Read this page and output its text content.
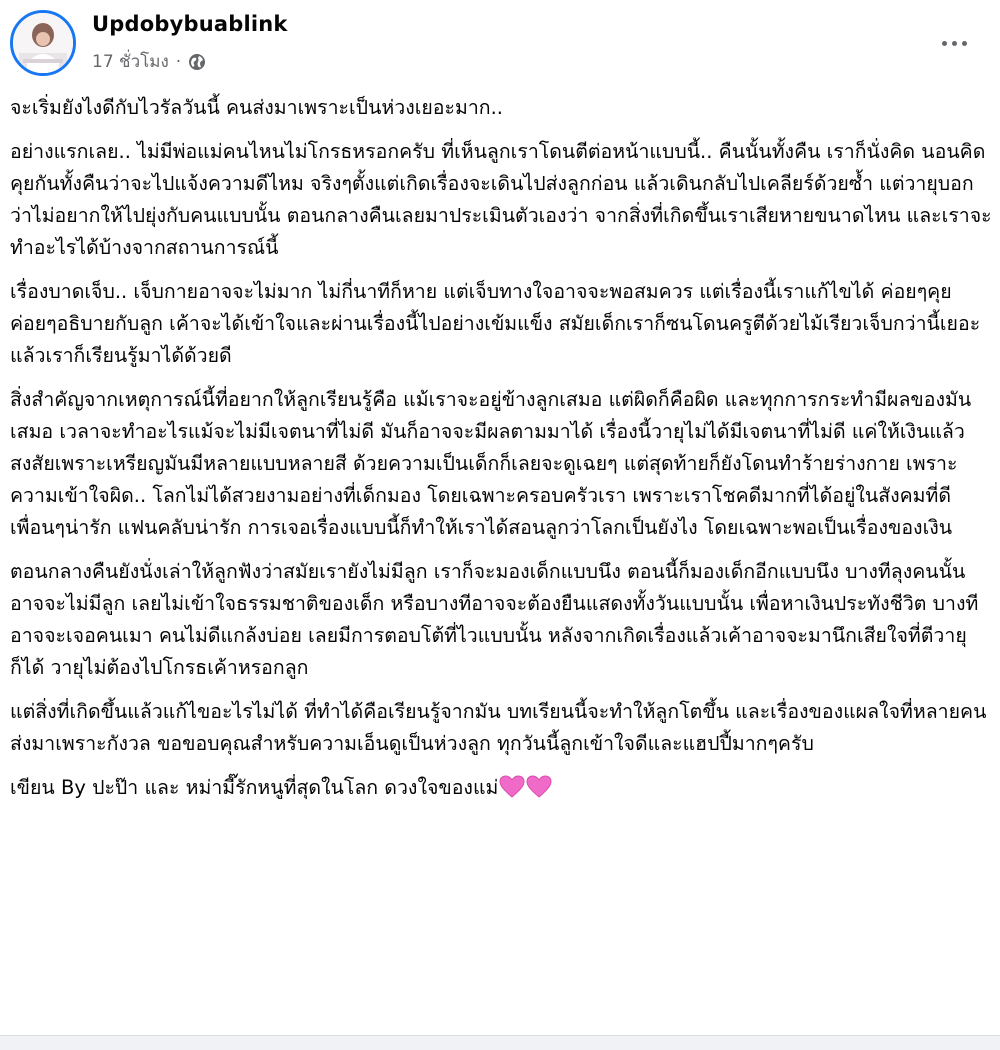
Updobybuablink
17 ชั่วโมง ·

จะเริ่มยังไงดีกับไวรัลวันนี้ คนส่งมาเพราะเป็นห่วงเยอะมาก..

อย่างแรกเลย.. ไม่มีพ่อแม่คนไหนไม่โกรธหรอกครับ ที่เห็นลูกเราโดนตีต่อหน้าแบบนี้.. คืนนั้นทั้งคืน เราก็นั่งคิด นอนคิด คุยกันทั้งคืนว่าจะไปแจ้งความดีไหม จริงๆตั้งแต่เกิดเรื่องจะเดินไปส่งลูกก่อน แล้วเดินกลับไปเคลียร์ด้วยซ้ำ แต่วายุบอกว่าไม่อยากให้ไปยุ่งกับคนแบบนั้น ตอนกลางคืนเลยมาประเมินตัวเองว่า จากสิ่งที่เกิดขึ้นเราเสียหายขนาดไหน และเราจะทำอะไรได้บ้างจากสถานการณ์นี้

เรื่องบาดเจ็บ.. เจ็บกายอาจจะไม่มาก ไม่กี่นาทีก็หาย แต่เจ็บทางใจอาจจะพอสมควร แต่เรื่องนี้เราแก้ไขได้ ค่อยๆคุย ค่อยๆอธิบายกับลูก เค้าจะได้เข้าใจและผ่านเรื่องนี้ไปอย่างเข้มแข็ง สมัยเด็กเราก็ซนโดนครูตีด้วยไม้เรียวเจ็บกว่านี้เยอะ แล้วเราก็เรียนรู้มาได้ด้วยดี

สิ่งสำคัญจากเหตุการณ์นี้ที่อยากให้ลูกเรียนรู้คือ แม้เราจะอยู่ข้างลูกเสมอ แต่ผิดก็คือผิด และทุกการกระทำมีผลของมันเสมอ เวลาจะทำอะไรแม้จะไม่มีเจตนาที่ไม่ดี มันก็อาจจะมีผลตามมาได้ เรื่องนี้วายุไม่ได้มีเจตนาที่ไม่ดี แค่ให้เงินแล้วสงสัยเพราะเหรียญมันมีหลายแบบหลายสี ด้วยความเป็นเด็กก็เลยจะดูเฉยๆ แต่สุดท้ายก็ยังโดนทำร้ายร่างกาย เพราะความเข้าใจผิด.. โลกไม่ได้สวยงามอย่างที่เด็กมอง โดยเฉพาะครอบครัวเรา เพราะเราโชคดีมากที่ได้อยู่ในสังคมที่ดี เพื่อนๆน่ารัก แฟนคลับน่ารัก การเจอเรื่องแบบนี้ก็ทำให้เราได้สอนลูกว่าโลกเป็นยังไง โดยเฉพาะพอเป็นเรื่องของเงิน

ตอนกลางคืนยังนั่งเล่าให้ลูกฟังว่าสมัยเรายังไม่มีลูก เราก็จะมองเด็กแบบนึง ตอนนี้ก็มองเด็กอีกแบบนึง บางทีลุงคนนั้นอาจจะไม่มีลูก เลยไม่เข้าใจธรรมชาติของเด็ก หรือบางทีอาจจะต้องยืนแสดงทั้งวันแบบนั้น เพื่อหาเงินประทังชีวิต บางทีอาจจะเจอคนเมา คนไม่ดีแกล้งบ่อย เลยมีการตอบโต้ที่ไวแบบนั้น หลังจากเกิดเรื่องแล้วเค้าอาจจะมานึกเสียใจที่ตีวายุก็ได้ วายุไม่ต้องไปโกรธเค้าหรอกลูก

แต่สิ่งที่เกิดขึ้นแล้วแก้ไขอะไรไม่ได้ ที่ทำได้คือเรียนรู้จากมัน บทเรียนนี้จะทำให้ลูกโตขึ้น และเรื่องของแผลใจที่หลายคนส่งมาเพราะกังวล ขอขอบคุณสำหรับความเอ็นดูเป็นห่วงลูก ทุกวันนี้ลูกเข้าใจดีและแฮปปี้มากๆครับ

เขียน By ปะป๊า และ หม่ามี๊รักหนูที่สุดในโลก ดวงใจของแม่
